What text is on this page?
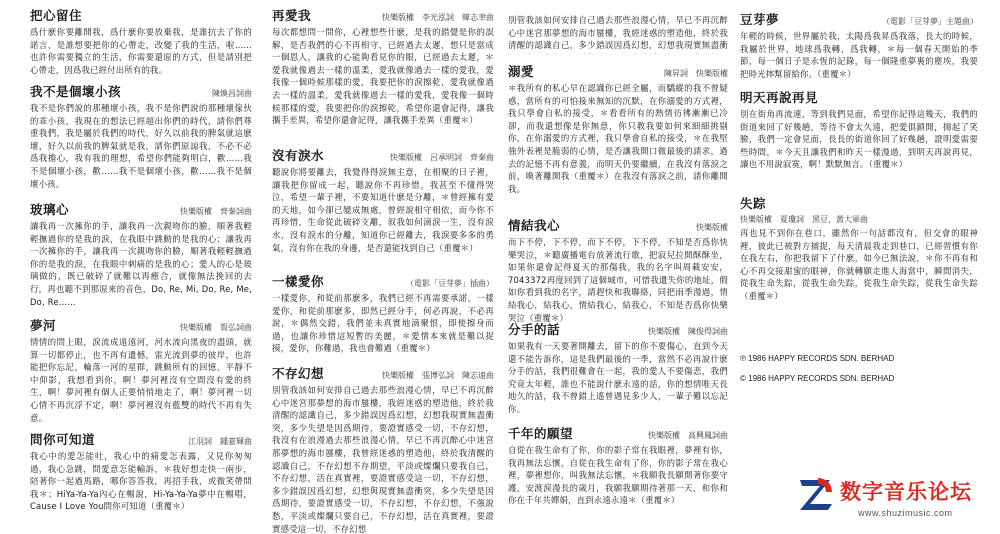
把心留住
爲什麽你要離開我，爲什麽你要放棄我，是誰抗去了你的諾言，是誰想要把你的心帶走，改變了我的生活，啦……也許你需要獨立的生活，你需要還原的方式，但是請別把心帶走，因爲我已經付出所有的我。
我不是個壞小孩	陳煥昌詞曲
我不是你們說的那種壞小孩，我不是你們說的那種壞傢伙的乖小孩，我現在的想法已經超出你們的時代，請你們尊重我們，我是屬於我們的時代，好久以前我的脾氣就這麽壞，好久以前我的脾氣就是我，請你們原諒我，不必不必爲我擔心，我有我的理想，希望你們能夠明白，歡……我不是個壞小孩，歡……我不是個壞小孩，歡……我不是個壞小孩。
玻璃心	快樂版權　齊秦詞曲
讓我再一次擁你的手，讓我再一次親吻你的臉，順著我輕輕撫過你的是我的淚，在我眼中跳動的是我的心；讓我再一次擁你的手，讓我再一次親吻你的臉，順著我輕輕撫過你的是我的淚，在我眼中刺痛的是我的心；愛人的心是玻璃做的，既已破碎了就難以再癒合，就像無法挽回的去行，再也聽不到那原來的音色，Do, Re, Mi, Do, Re, Me, Do, Re……
夢河	快樂版權　賀弘詞曲
情情的問上眼，淚流成遠遠河，河水流向黑夜的盡頭，就算一切都停止，也不再有遺憾，雷光流到夢的彼岸，也許能把你忘記，輪落一河的星群，跳動所有的回憶，平靜不中仰影，我想看到你，啊！夢河裡沒有空間沒有愛的終生，啊！夢河裡有個人正要悄悄地走了，啊！夢河裡一切心情不再沉浮不定，啊！夢河裡沒有藍雙的時代不再有失意。
問你可知道	江羽詞　鍾嘉輝曲
我心中的愛怎能吐，我心中的痛愛怎表露，又見你匆匆過，我心急跳，問愛意怎能輸訴，＊我好想走快一兩步，陪著你一起過馬路，哪你答答我，再招手我，或微笑帶問我＊；HiYa-Ya-Ya內心在暢說，Hi-Ya-Ya-Ya夢中在暢唱，Cause I Love You問你可知道（重覆＊）
再愛我	快樂版權　李光泓詞　韓志聿曲
每次都想問一問你，心裡想些什麽，是我的錯覺是你的誤解，是否我們的心不再相守，已經過去太遲，想只是當成一個恩人，讓我的心能夠看見你的眼，已經過去太遲，＊愛我就像過去一樣的溫柔，愛我就像過去一樣的愛我，愛我像一個時候那樣的愛，我要把你的淚擦乾，愛我就像過去一樣的溫柔，愛我就像過去一樣的愛我，愛我像一個時候那樣的愛，我要把你的淚擦乾，希望你還會記得，讓我攜手差異，希望你還會記得，讓我攜手差異（重覆＊）
沒有淚水	快樂版權　呂承明詞　齊秦曲
聽說你將要離去，我覺得得淚無主意，在相聚的日子裡，讓我把你留成一起，聽說你不再珍惜，我甚至不懂得哭泣，希望一輩子裡，不要知道什麽是分離，＊曾經擁有愛的天地，如今卻已變成無處，曾經說相守相依，而今你不再珍惜，生命從此破碎支離，叙我如何滴淚一生，沒有淚水，沒有淚水的分離，知道你已經離去，我淚要多多的勇氣，沒有你在我的身邊，是否還能找到自己（重覆＊）
一樣愛你	（電影「豆芽夢」插曲）
一樣愛你，和從前那麽多，我們已經不再需要承諾，一樣愛你，和從前那麽多，即然已經分手，何必再說，不必再說，＊偶然交錯，我們並未真實地滴聚恨，即使擦身而過，也讓你珍惜這短暫的美麗，＊愛情本來就是難以捉摸，愛你，你難過，我也會難過（重覆＊）
不存幻想	快樂版權　張博弘詞　陳志遠曲
別管我該如何安排自己過去那些浪漫心情，早已不再沉醉心中迷宮那夢想的海市蜃樓，我經迷惑的塑造他，終於我清醒的認識自己，多少錯誤因爲幻想，幻想我現實無盡衝突，多少失望是因爲期待，要證實感受一切，不存幻想，我沒有在浪漫過去那些浪漫心情，早已不再沉醉心中迷宮那夢想的海市蜃樓，我曾經迷惑的塑造他，終於我清醒的認識自己，不存幻想不存期望，平淡或燦爛只要我自己，不存幻想，活在真實裡，要證實感受這一切，不存幻想，多少錯誤因爲幻想，幻想與現實無盡衝突，多少失望是因爲期待，要證實感受一切，不存幻想，不存幻想，不強說愁，平淡或燦爛只要自己，不存幻想，活在真實裡，要證實感受這一切，不存幻想
別管我該如何安排自己過去那些浪漫心情，早已不再沉醉心中迷宮那夢想的海市蜃樓，我經迷惑的塑造他，終於我清醒的認識自己，多少錯誤因爲幻想，幻想我現實無盡衝
溺愛	陳昇詞　快樂版權
＊我所有的私心早在認識你已經全屬，而驕縱的我不曾疑惑，當所有的可怕接來無知的沉默，在你溺愛的方式裡，我只學會自私的接受，＊看看所有的熱情彷彿漸漸已冷卻，而我還想像是你無意，你只教我要如何來細細挑剔你，在你溺愛的方式裡，我只學會自私的接受，＊在我堅強外表裡是脆弱的心情，是否讓我開口微最後的請求，過去的記憶不再有意義，而明天仍要繼續，在我沒有落淚之前，喚著離開我（重覆＊）在我沒有落淚之前，請你離開我。
情結我心	快樂版權
而下不停，下不停，而下不停，下不停，不知是否爲你快樂哭泣，＊聽廣播電台放著流行歌，把寂兒拉開酥酥坐，如果你還會記得夏天的那傷我，我的名字叫周載安安，7043372再度回到了這個城市，可惜我遺失你的地址，假如你看到我的名字，請趕快和我聯絡，同把雨季漫過，情結我心，結我心，情結我心，結我心，不知是否爲你快樂哭泣（重覆＊）
分手的話	快樂版權　陳俊得詞曲
如果我有一天要著開離去，留下的你不要傷心，直到今天還不能告訴你，這是我們最後的一季，當然不必再說什麽分手的話，我們很難會在一起，我的愛人不要傷悲，我們究竟太年輕，誰也不能說什麽永遠的話，你的想情唯天長地久的話，我不曾錯上遙曾遇見多少人，一輩子難以忘記你。
千年的願望	快樂版權　高興鳳詞曲
自從在我生命有了你，你的影子常在我眼裡，夢裡有你，我再無法忘懷，自從在我生命有了你，你的影子常在我心裡，夢裡想你，叫我無法忘懷，＊我願我長願開著你要守護，安渡淚漫長的歲月，我願我願期待著那一天，和你和你在千年共嬋娟，直到永遠永遠＊（重覆＊）
豆芽夢	（電影「豆芽夢」主題曲）
年輕的時候，世界屬於我，太陽爲我昇爲我落，長大的時候，我屬於世界，地球爲我轉，爲我轉，＊每一個春天開始的季節，每一個日子是永恆的記錄，每一個隆重夢裏的塵埃，我要把時光摔幫留給你。（重覆＊）
明天再說再見
別在街角再流連，等到我們見面，希望你記得這幾天，我們的街道來回了好幾趟，等待不會太久遠，把愛俱鎖開，揚起了笑臉，我們一定會見面，長長的街道你回了好幾趟，證明愛需要些時間，＊今天且讓我們和昨天一樣漫過，到明天再說再見，讓也不用說寂寞，啊！默默無言。（重覆＊）
失踪
快樂版權　夏瓊詞　黑豆，黃大軍曲
再也見不到你在巷口，雖然你一句話都沒有，但交會的眼神裡，彼此已被對方捕捉，每天清晨我走到巷口，已經習慣有你在我左右，你把我留下了什麽，如今已無法說，＊你不再有和心不再交接甜蜜的眼神，你就轉願走進人海當中，瞬間消失，從我生命失踪，從我生命失踪，從我生命失踪，從我生命失踪（重覆＊）
℗ 1986 HAPPY RECORDS SDN. BERHAD
© 1986 HAPPY RECORDS SDN. BERHAD
数字音乐论坛
www.shuzimusic.com
